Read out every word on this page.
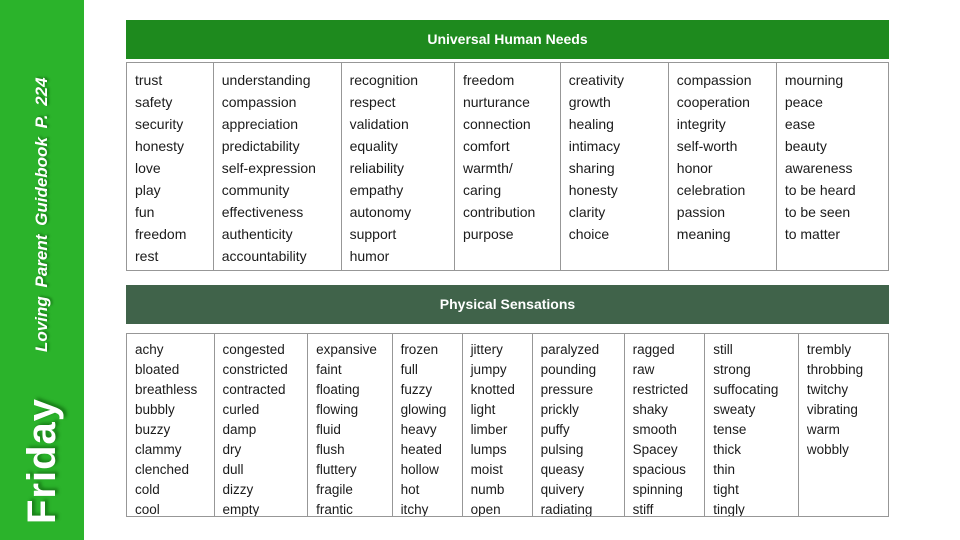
Friday
Loving Parent Guidebook P. 224
Universal Human Needs
trust
safety
security
honesty
love
play
fun
freedom
rest
understanding
compassion
appreciation
predictability
self-expression
community
effectiveness
authenticity
accountability
recognition
respect
validation
equality
reliability
empathy
autonomy
support
humor
freedom
nurturance
connection
comfort
warmth/
caring
contribution
purpose
creativity
growth
healing
intimacy
sharing
honesty
clarity
choice
compassion
cooperation
integrity
self-worth
honor
celebration
passion
meaning
mourning
peace
ease
beauty
awareness
to be heard
to be seen
to matter
Physical Sensations
achy
bloated
breathless
bubbly
buzzy
clammy
clenched
cold
cool
congested
constricted
contracted
curled
damp
dry
dull
dizzy
empty
expansive
faint
floating
flowing
fluid
flush
fluttery
fragile
frantic
frozen
full
fuzzy
glowing
heavy
heated
hollow
hot
itchy
jittery
jumpy
knotted
light
limber
lumps
moist
numb
open
paralyzed
pounding
pressure
prickly
puffy
pulsing
queasy
quivery
radiating
ragged
raw
restricted
shaky
smooth
Spacey
spacious
spinning
stiff
still
strong
suffocating
sweaty
tense
thick
thin
tight
tingly
trembly
throbbing
twitchy
vibrating
warm
wobbly
